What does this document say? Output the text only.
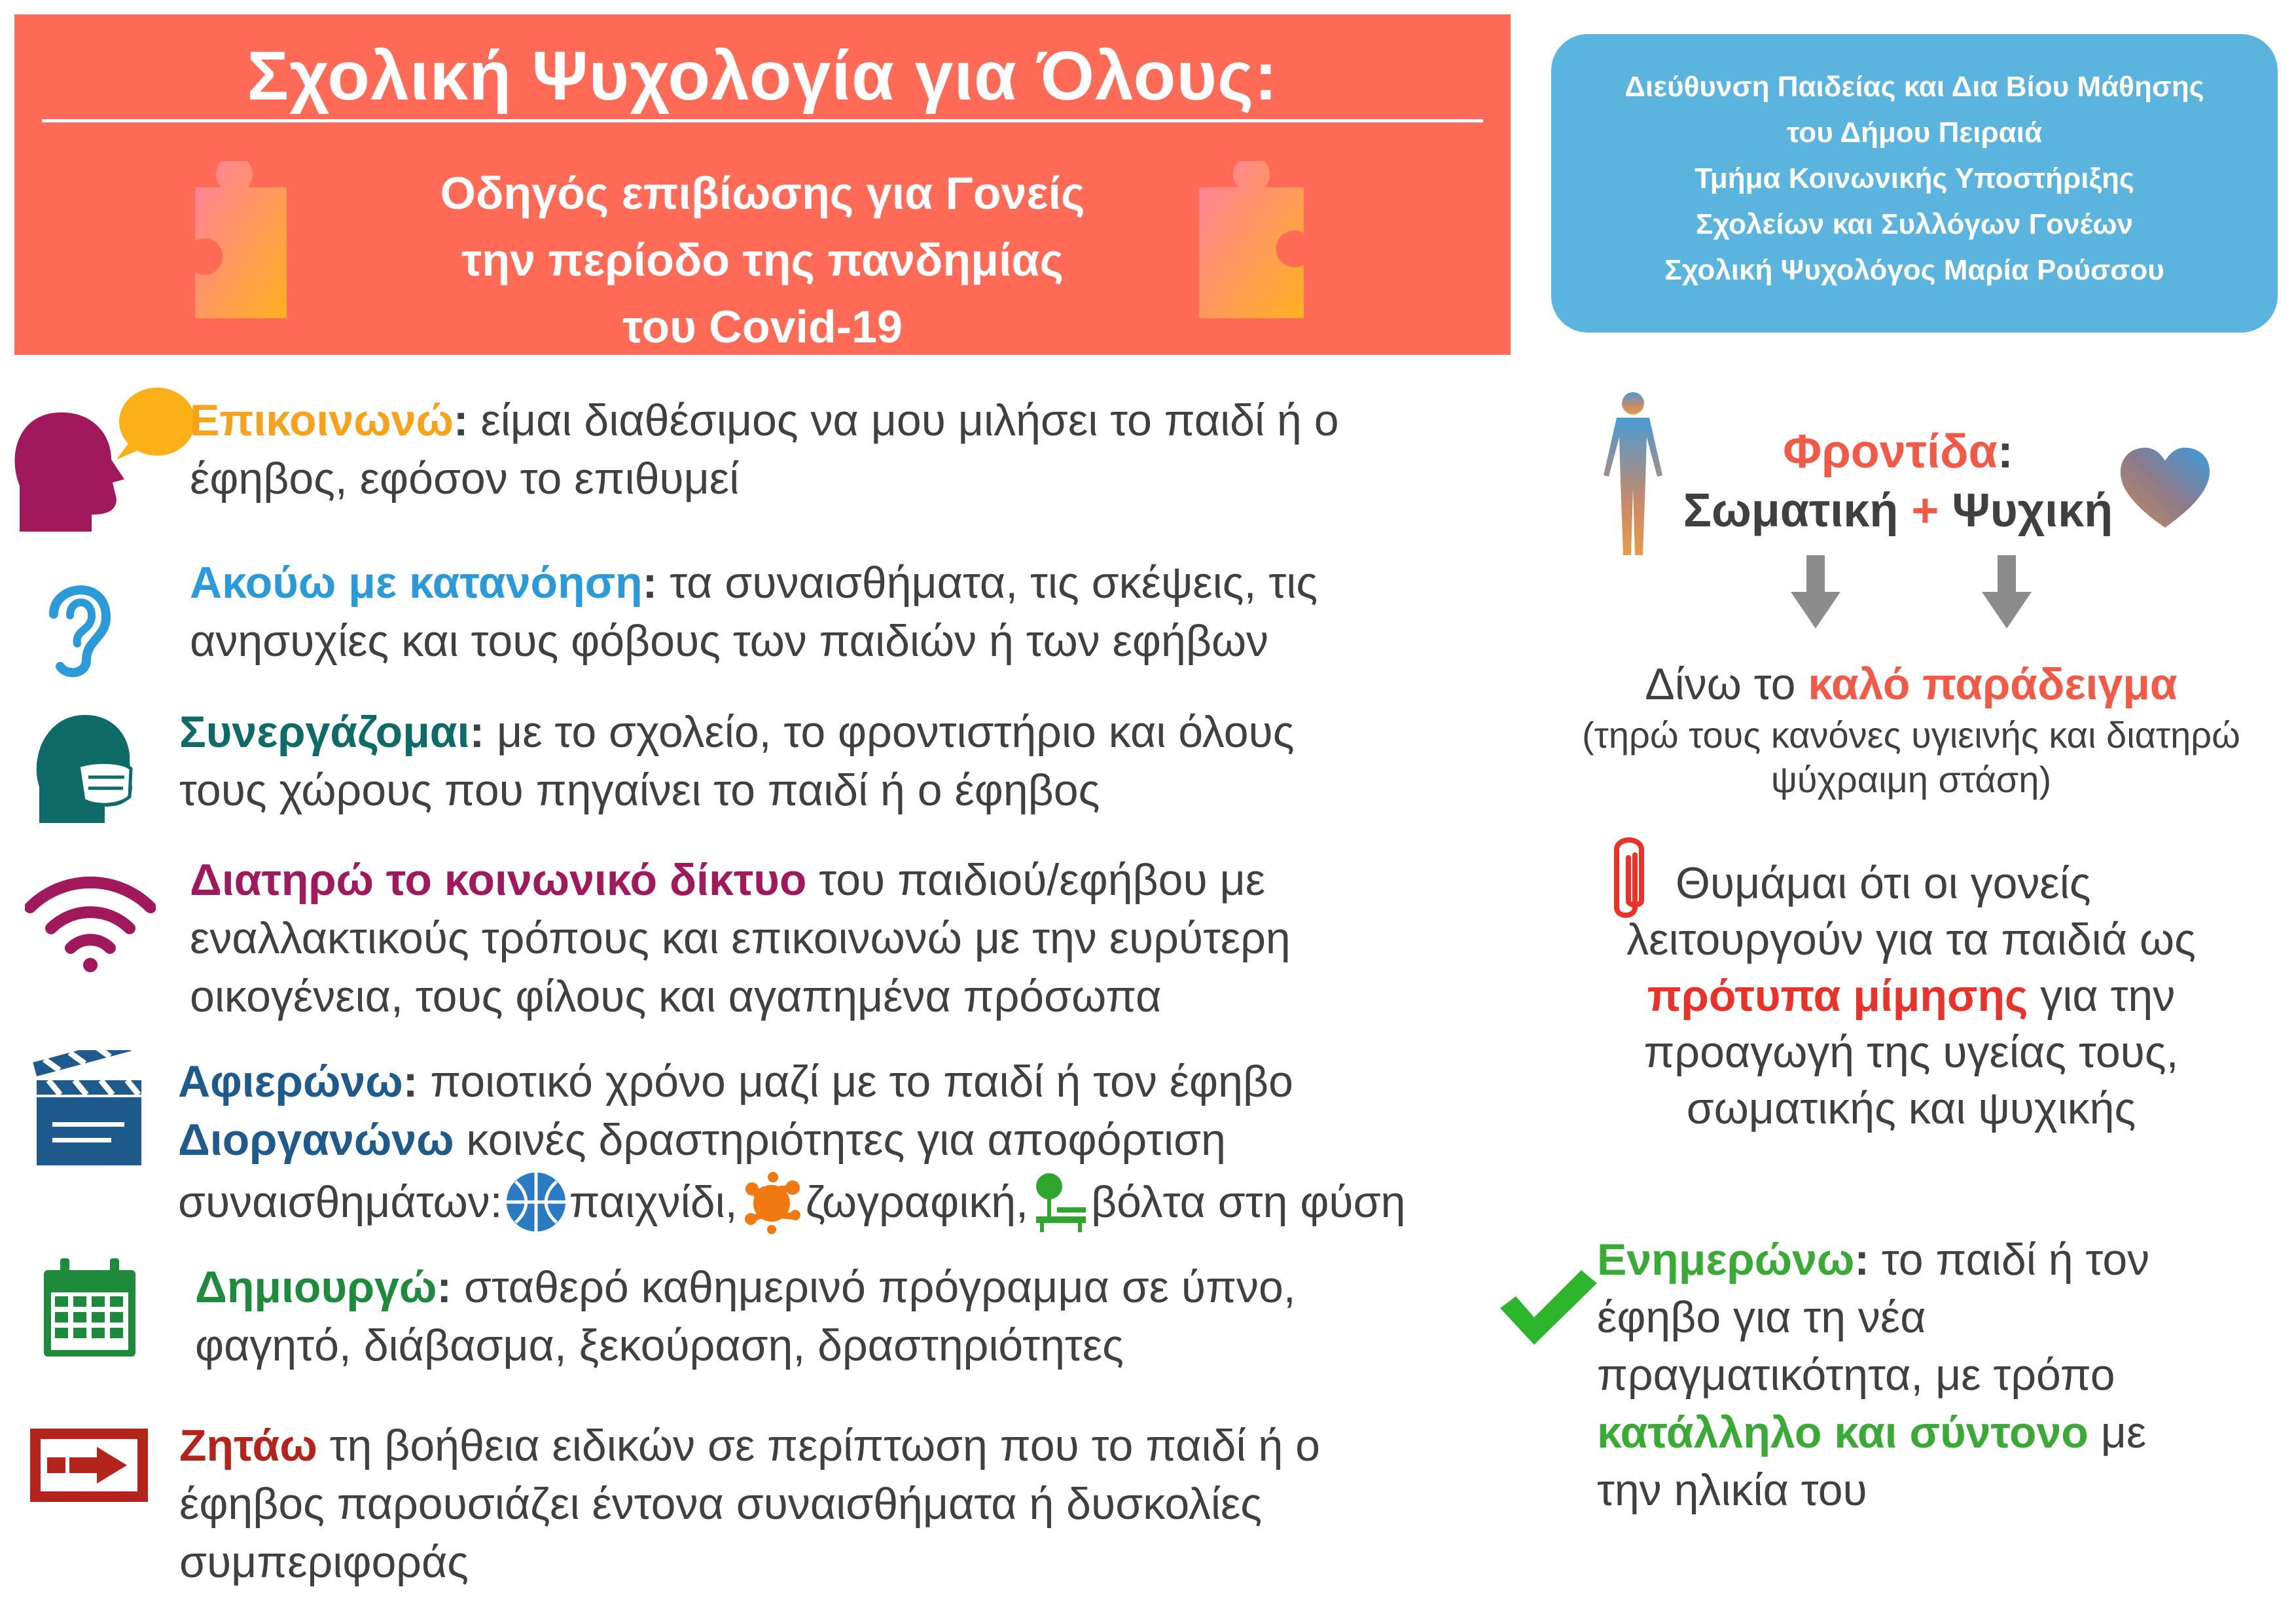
Σχολική Ψυχολογία για Όλους:
Οδηγός επιβίωσης για Γονείς
την περίοδο της πανδημίας
του Covid-19
Διεύθυνση Παιδείας και Δια Βίου Μάθησης
του Δήμου Πειραιά
Τμήμα Κοινωνικής Υποστήριξης
Σχολείων και Συλλόγων Γονέων
Σχολική Ψυχολόγος Μαρία Ρούσσου
Επικοινωνώ: είμαι διαθέσιμος να μου μιλήσει το παιδί ή ο
έφηβος, εφόσον το επιθυμεί
Ακούω με κατανόηση: τα συναισθήματα, τις σκέψεις, τις
ανησυχίες και τους φόβους των παιδιών ή των εφήβων
Συνεργάζομαι: με το σχολείο, το φροντιστήριο και όλους
τους χώρους που πηγαίνει το παιδί ή ο έφηβος
Διατηρώ το κοινωνικό δίκτυο του παιδιού/εφήβου με
εναλλακτικούς τρόπους και επικοινωνώ με την ευρύτερη
οικογένεια, τους φίλους και αγαπημένα πρόσωπα
Αφιερώνω: ποιοτικό χρόνο μαζί με το παιδί ή τον έφηβο
Διοργανώνω κοινές δραστηριότητες για αποφόρτιση
συναισθημάτων: παιχνίδι, ζωγραφική, βόλτα στη φύση
Δημιουργώ: σταθερό καθημερινό πρόγραμμα σε ύπνο,
φαγητό, διάβασμα, ξεκούραση, δραστηριότητες
Ζητάω τη βοήθεια ειδικών σε περίπτωση που το παιδί ή ο
έφηβος παρουσιάζει έντονα συναισθήματα ή δυσκολίες
συμπεριφοράς
Φροντίδα:
Σωματική + Ψυχική
Δίνω το καλό παράδειγμα
(τηρώ τους κανόνες υγιεινής και διατηρώ
ψύχραιμη στάση)
Θυμάμαι ότι οι γονείς
λειτουργούν για τα παιδιά ως
πρότυπα μίμησης για την
προαγωγή της υγείας τους,
σωματικής και ψυχικής
Ενημερώνω: το παιδί ή τον
έφηβο για τη νέα
πραγματικότητα, με τρόπο
κατάλληλο και σύντονο με
την ηλικία του
